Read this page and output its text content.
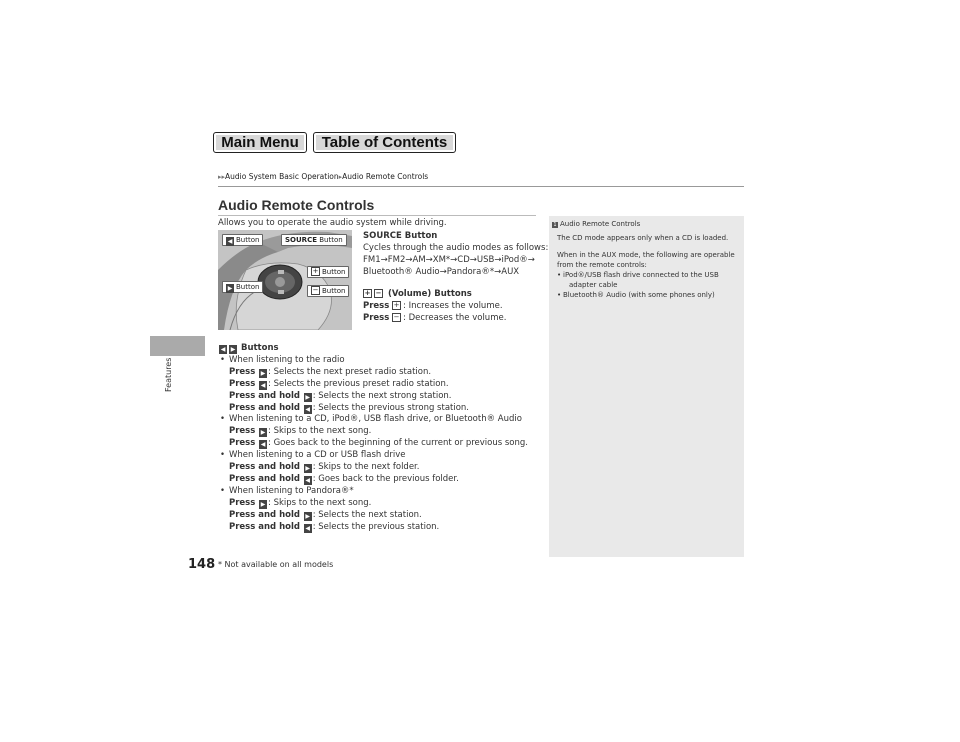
Main Menu	Table of Contents
▸▸Audio System Basic Operation▸Audio Remote Controls
Features
148
Audio Remote Controls
Allows you to operate the audio system while driving.
◀ Button	SOURCE Button
+ Button
▶ Button	− Button
SOURCE Button
Cycles through the audio modes as follows:
FM1→FM2→AM→XM*→CD→USB→iPod®→
Bluetooth® Audio→Pandora®*→AUX
+ − (Volume) Buttons
Press + : Increases the volume.
Press − : Decreases the volume.
◀ ▶ Buttons
• When listening to the radio
Press ▶ : Selects the next preset radio station.
Press ◀ : Selects the previous preset radio station.
Press and hold ▶ : Selects the next strong station.
Press and hold ◀ : Selects the previous strong station.
• When listening to a CD, iPod®, USB flash drive, or Bluetooth® Audio
Press ▶ : Skips to the next song.
Press ◀ : Goes back to the beginning of the current or previous song.
• When listening to a CD or USB flash drive
Press and hold ▶ : Skips to the next folder.
Press and hold ◀ : Goes back to the previous folder.
• When listening to Pandora®*
Press ▶ : Skips to the next song.
Press and hold ▶ : Selects the next station.
Press and hold ◀ : Selects the previous station.
* Not available on all models
1 Audio Remote Controls

The CD mode appears only when a CD is loaded.

When in the AUX mode, the following are operable from the remote controls:

• iPod®/USB flash drive connected to the USB
adapter cable
• Bluetooth® Audio (with some phones only)
